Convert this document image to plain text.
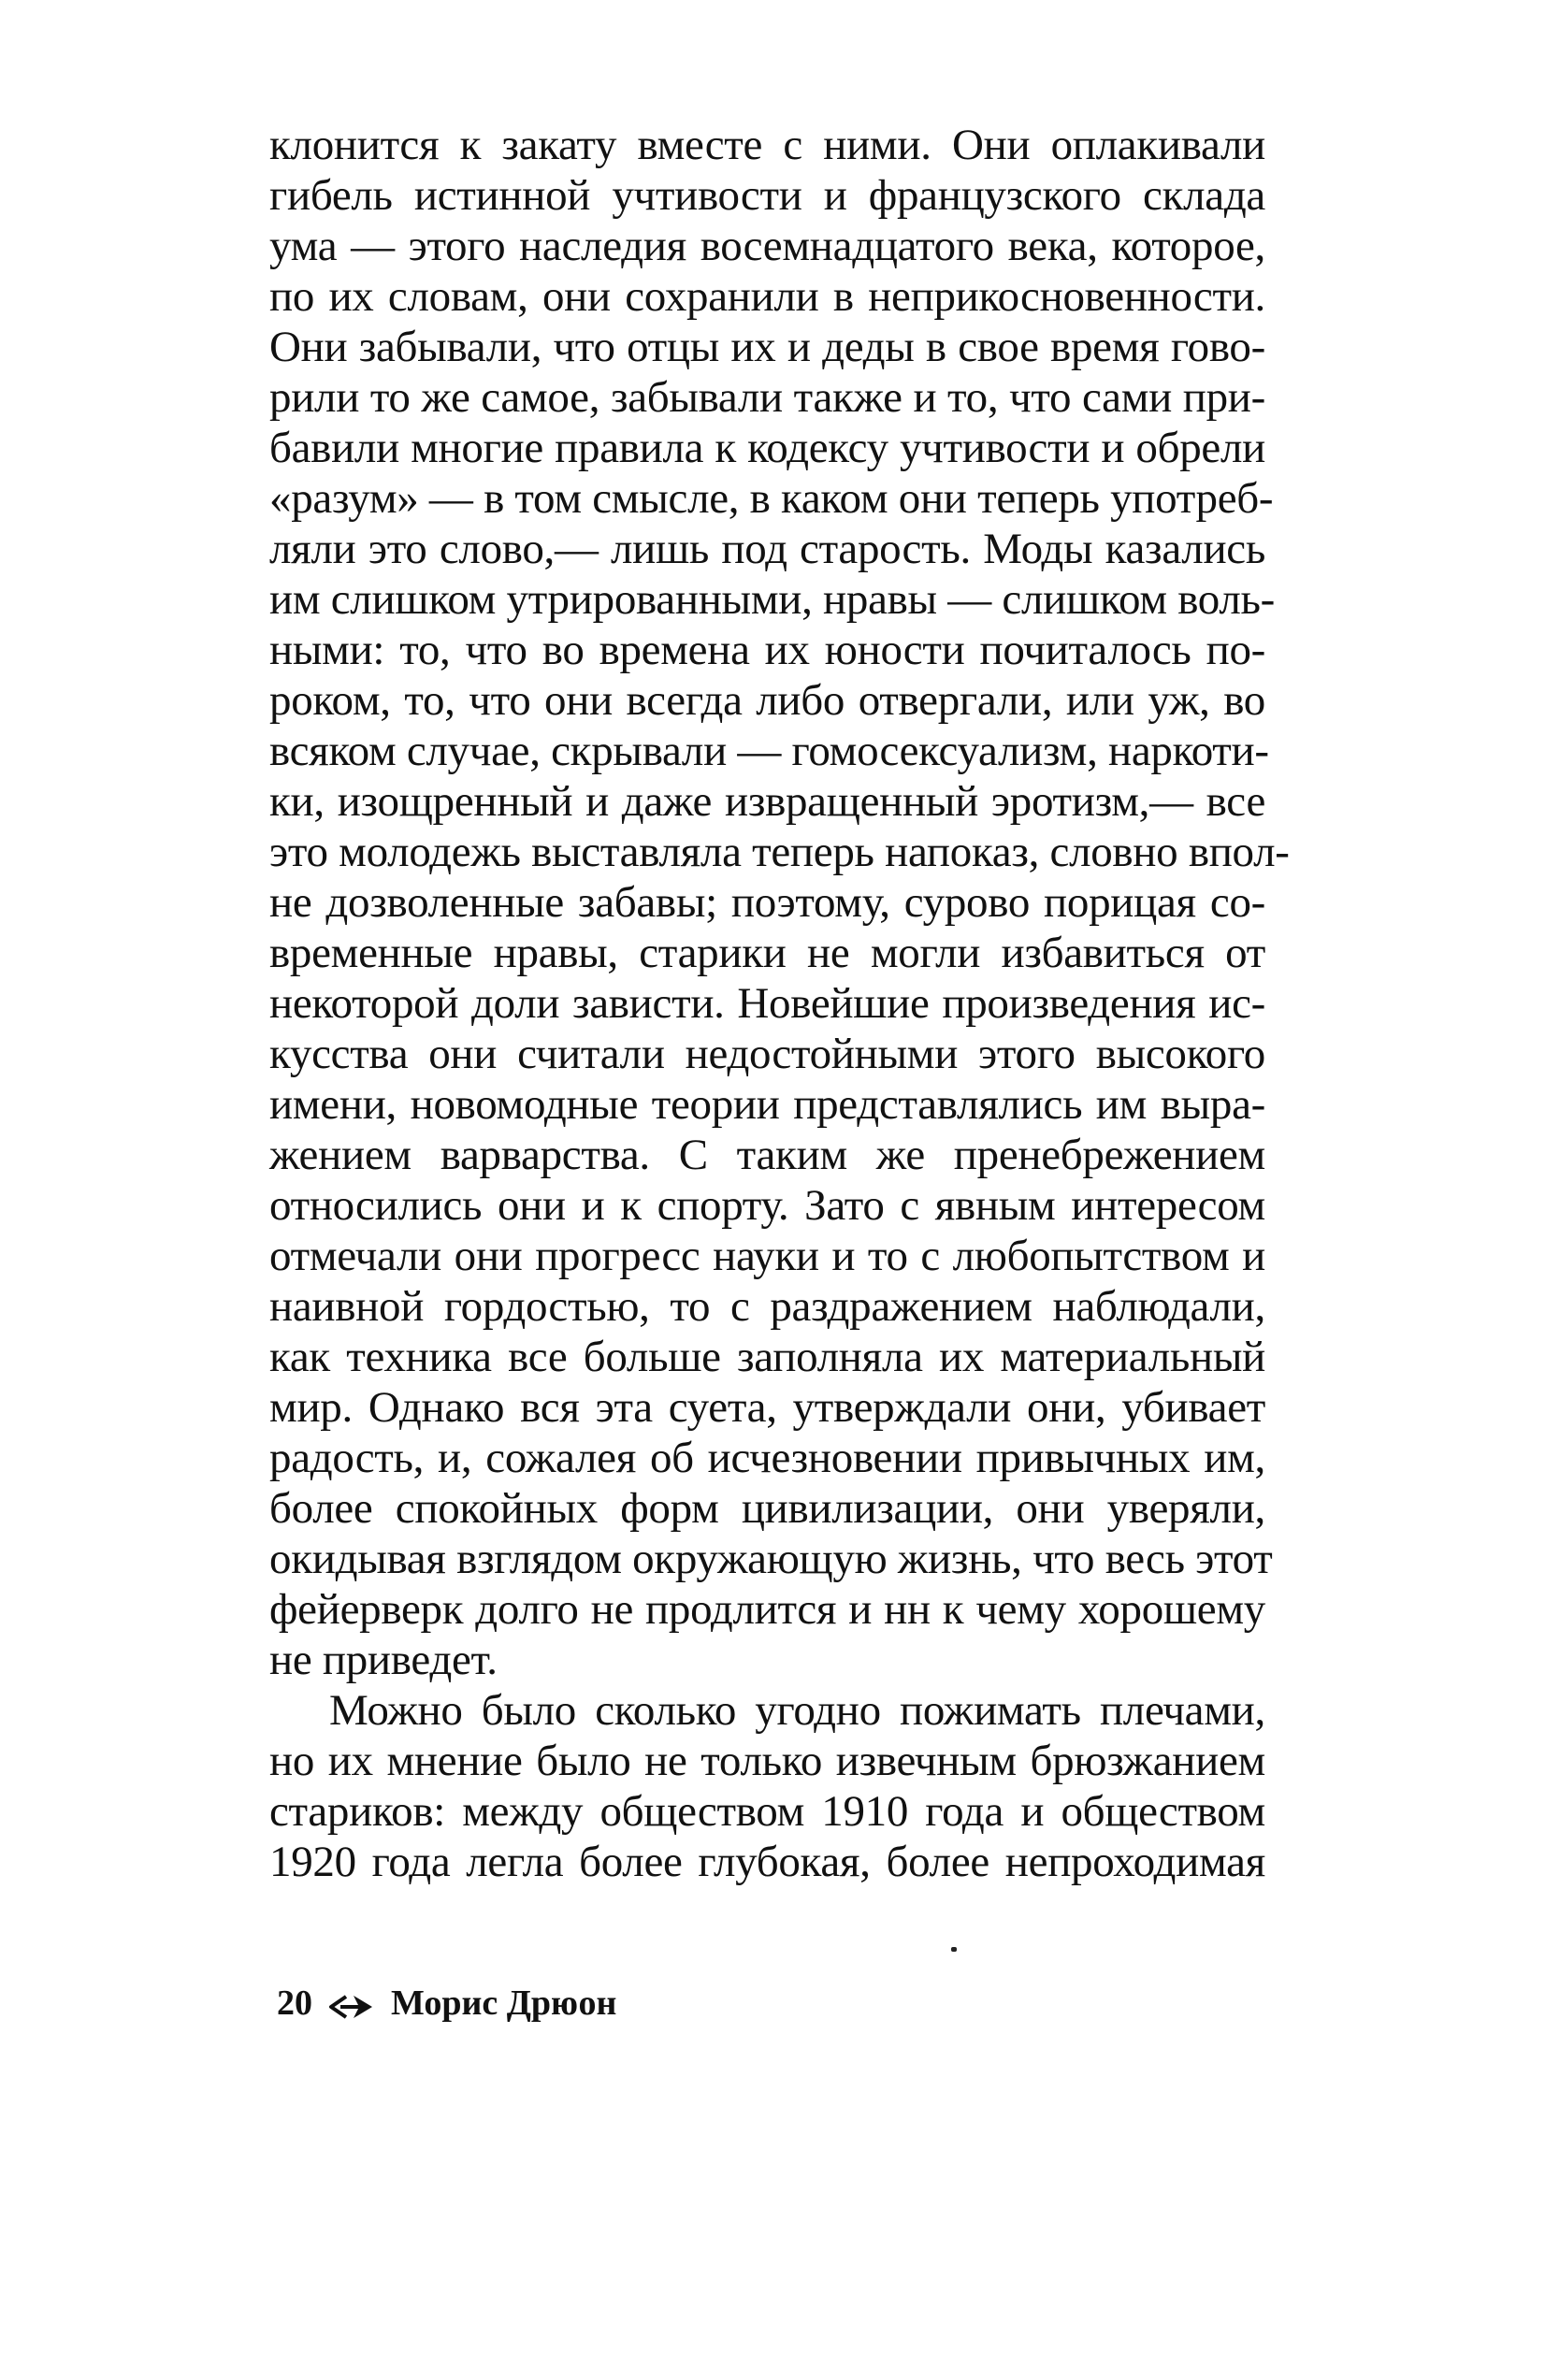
клонится к закату вместе с ними. Они оплакивали
гибель истинной учтивости и французского склада
ума — этого наследия восемнадцатого века, которое,
по их словам, они сохранили в неприкосновенности.
Они забывали, что отцы их и деды в свое время гово-
рили то же самое, забывали также и то, что сами при-
бавили многие правила к кодексу учтивости и обрели
«разум» — в том смысле, в каком они теперь употреб-
ляли это слово,— лишь под старость. Моды казались
им слишком утрированными, нравы — слишком воль-
ными: то, что во времена их юности почиталось по-
роком, то, что они всегда либо отвергали, или уж, во
всяком случае, скрывали — гомосексуализм, наркоти-
ки, изощренный и даже извращенный эротизм,— все
это молодежь выставляла теперь напоказ, словно впол-
не дозволенные забавы; поэтому, сурово порицая со-
временные нравы, старики не могли избавиться от
некоторой доли зависти. Новейшие произведения ис-
кусства они считали недостойными этого высокого
имени, новомодные теории представлялись им выра-
жением варварства. С таким же пренебрежением
относились они и к спорту. Зато с явным интересом
отмечали они прогресс науки и то с любопытством и
наивной гордостью, то с раздражением наблюдали,
как техника все больше заполняла их материальный
мир. Однако вся эта суета, утверждали они, убивает
радость, и, сожалея об исчезновении привычных им,
более спокойных форм цивилизации, они уверяли,
окидывая взглядом окружающую жизнь, что весь этот
фейерверк долго не продлится и нн к чему хорошему
не приведет.
Можно было сколько угодно пожимать плечами,
но их мнение было не только извечным брюзжанием
стариков: между обществом 1910 года и обществом
1920 года легла более глубокая, более непроходимая
20 Морис Дрюон
